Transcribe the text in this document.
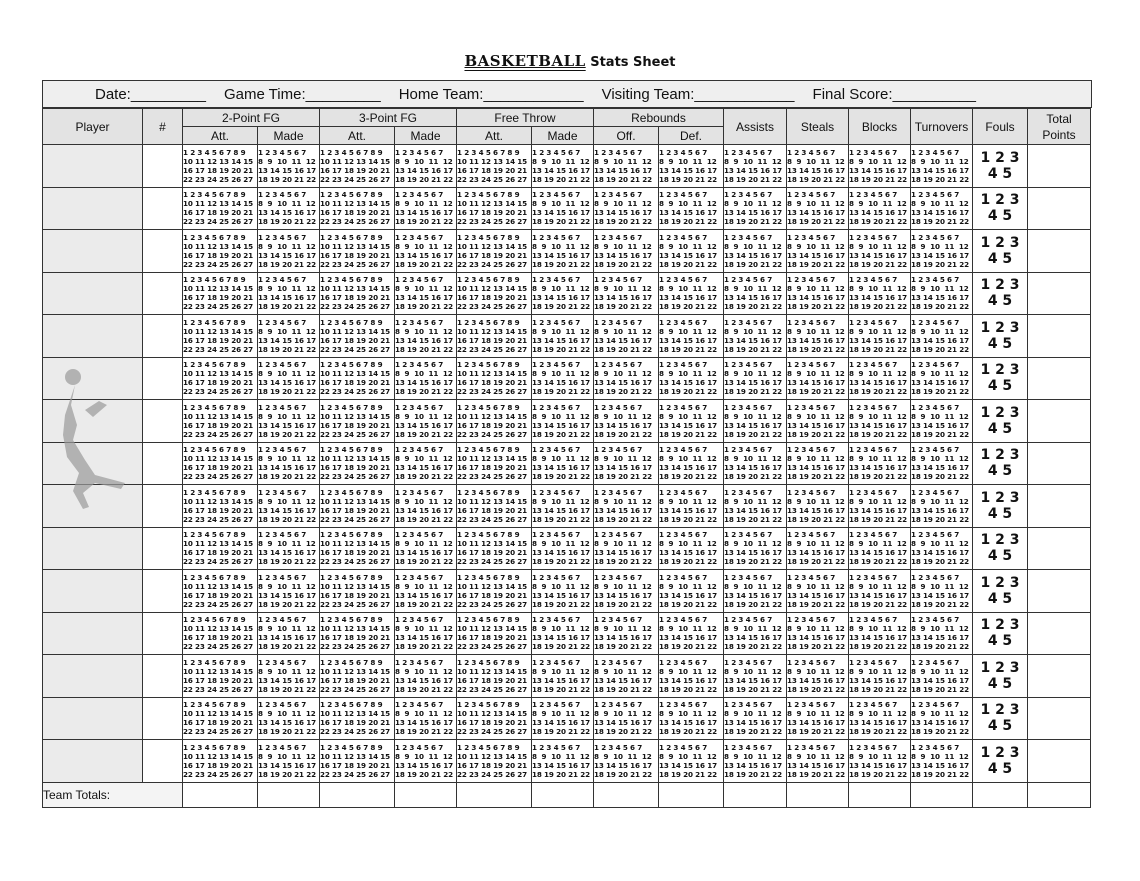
BASKETBALL Stats Sheet
Date:_________ Game Time:_________ Home Team:____________ Visiting Team:____________ Final Score:__________
Player	#	2-Point FG		3-Point FG		Free Throw		Rebounds		Assists	Steals	Blocks	Turnovers	Fouls	Total
Points
		Att.	Made	Att.	Made	Att.	Made	Off.	Def.						
		1 2 3 4 5 6 7 8 9
10 11 12 13 14 15
16 17 18 19 20 21
22 23 24 25 26 27	1 2 3 4 5 6 7
8  9  10  11  12
13 14 15 16 17
18 19 20 21 22	1 2 3 4 5 6 7 8 9
10 11 12 13 14 15
16 17 18 19 20 21
22 23 24 25 26 27	1 2 3 4 5 6 7
8  9  10  11  12
13 14 15 16 17
18 19 20 21 22	1 2 3 4 5 6 7 8 9
10 11 12 13 14 15
16 17 18 19 20 21
22 23 24 25 26 27	1 2 3 4 5 6 7
8  9  10  11  12
13 14 15 16 17
18 19 20 21 22	1 2 3 4 5 6 7
8  9  10  11  12
13 14 15 16 17
18 19 20 21 22	1 2 3 4 5 6 7
8  9  10  11  12
13 14 15 16 17
18 19 20 21 22	1 2 3 4 5 6 7
8  9  10  11  12
13 14 15 16 17
18 19 20 21 22	1 2 3 4 5 6 7
8  9  10  11  12
13 14 15 16 17
18 19 20 21 22	1 2 3 4 5 6 7
8  9  10  11  12
13 14 15 16 17
18 19 20 21 22	1 2 3 4 5 6 7
8  9  10  11  12
13 14 15 16 17
18 19 20 21 22	1 2 3
4 5	
		1 2 3 4 5 6 7 8 9
10 11 12 13 14 15
16 17 18 19 20 21
22 23 24 25 26 27	1 2 3 4 5 6 7
8  9  10  11  12
13 14 15 16 17
18 19 20 21 22	1 2 3 4 5 6 7 8 9
10 11 12 13 14 15
16 17 18 19 20 21
22 23 24 25 26 27	1 2 3 4 5 6 7
8  9  10  11  12
13 14 15 16 17
18 19 20 21 22	1 2 3 4 5 6 7 8 9
10 11 12 13 14 15
16 17 18 19 20 21
22 23 24 25 26 27	1 2 3 4 5 6 7
8  9  10  11  12
13 14 15 16 17
18 19 20 21 22	1 2 3 4 5 6 7
8  9  10  11  12
13 14 15 16 17
18 19 20 21 22	1 2 3 4 5 6 7
8  9  10  11  12
13 14 15 16 17
18 19 20 21 22	1 2 3 4 5 6 7
8  9  10  11  12
13 14 15 16 17
18 19 20 21 22	1 2 3 4 5 6 7
8  9  10  11  12
13 14 15 16 17
18 19 20 21 22	1 2 3 4 5 6 7
8  9  10  11  12
13 14 15 16 17
18 19 20 21 22	1 2 3 4 5 6 7
8  9  10  11  12
13 14 15 16 17
18 19 20 21 22	1 2 3
4 5	
		1 2 3 4 5 6 7 8 9
10 11 12 13 14 15
16 17 18 19 20 21
22 23 24 25 26 27	1 2 3 4 5 6 7
8  9  10  11  12
13 14 15 16 17
18 19 20 21 22	1 2 3 4 5 6 7 8 9
10 11 12 13 14 15
16 17 18 19 20 21
22 23 24 25 26 27	1 2 3 4 5 6 7
8  9  10  11  12
13 14 15 16 17
18 19 20 21 22	1 2 3 4 5 6 7 8 9
10 11 12 13 14 15
16 17 18 19 20 21
22 23 24 25 26 27	1 2 3 4 5 6 7
8  9  10  11  12
13 14 15 16 17
18 19 20 21 22	1 2 3 4 5 6 7
8  9  10  11  12
13 14 15 16 17
18 19 20 21 22	1 2 3 4 5 6 7
8  9  10  11  12
13 14 15 16 17
18 19 20 21 22	1 2 3 4 5 6 7
8  9  10  11  12
13 14 15 16 17
18 19 20 21 22	1 2 3 4 5 6 7
8  9  10  11  12
13 14 15 16 17
18 19 20 21 22	1 2 3 4 5 6 7
8  9  10  11  12
13 14 15 16 17
18 19 20 21 22	1 2 3 4 5 6 7
8  9  10  11  12
13 14 15 16 17
18 19 20 21 22	1 2 3
4 5	
		1 2 3 4 5 6 7 8 9
10 11 12 13 14 15
16 17 18 19 20 21
22 23 24 25 26 27	1 2 3 4 5 6 7
8  9  10  11  12
13 14 15 16 17
18 19 20 21 22	1 2 3 4 5 6 7 8 9
10 11 12 13 14 15
16 17 18 19 20 21
22 23 24 25 26 27	1 2 3 4 5 6 7
8  9  10  11  12
13 14 15 16 17
18 19 20 21 22	1 2 3 4 5 6 7 8 9
10 11 12 13 14 15
16 17 18 19 20 21
22 23 24 25 26 27	1 2 3 4 5 6 7
8  9  10  11  12
13 14 15 16 17
18 19 20 21 22	1 2 3 4 5 6 7
8  9  10  11  12
13 14 15 16 17
18 19 20 21 22	1 2 3 4 5 6 7
8  9  10  11  12
13 14 15 16 17
18 19 20 21 22	1 2 3 4 5 6 7
8  9  10  11  12
13 14 15 16 17
18 19 20 21 22	1 2 3 4 5 6 7
8  9  10  11  12
13 14 15 16 17
18 19 20 21 22	1 2 3 4 5 6 7
8  9  10  11  12
13 14 15 16 17
18 19 20 21 22	1 2 3 4 5 6 7
8  9  10  11  12
13 14 15 16 17
18 19 20 21 22	1 2 3
4 5	
		1 2 3 4 5 6 7 8 9
10 11 12 13 14 15
16 17 18 19 20 21
22 23 24 25 26 27	1 2 3 4 5 6 7
8  9  10  11  12
13 14 15 16 17
18 19 20 21 22	1 2 3 4 5 6 7 8 9
10 11 12 13 14 15
16 17 18 19 20 21
22 23 24 25 26 27	1 2 3 4 5 6 7
8  9  10  11  12
13 14 15 16 17
18 19 20 21 22	1 2 3 4 5 6 7 8 9
10 11 12 13 14 15
16 17 18 19 20 21
22 23 24 25 26 27	1 2 3 4 5 6 7
8  9  10  11  12
13 14 15 16 17
18 19 20 21 22	1 2 3 4 5 6 7
8  9  10  11  12
13 14 15 16 17
18 19 20 21 22	1 2 3 4 5 6 7
8  9  10  11  12
13 14 15 16 17
18 19 20 21 22	1 2 3 4 5 6 7
8  9  10  11  12
13 14 15 16 17
18 19 20 21 22	1 2 3 4 5 6 7
8  9  10  11  12
13 14 15 16 17
18 19 20 21 22	1 2 3 4 5 6 7
8  9  10  11  12
13 14 15 16 17
18 19 20 21 22	1 2 3 4 5 6 7
8  9  10  11  12
13 14 15 16 17
18 19 20 21 22	1 2 3
4 5	
		1 2 3 4 5 6 7 8 9
10 11 12 13 14 15
16 17 18 19 20 21
22 23 24 25 26 27	1 2 3 4 5 6 7
8  9  10  11  12
13 14 15 16 17
18 19 20 21 22	1 2 3 4 5 6 7 8 9
10 11 12 13 14 15
16 17 18 19 20 21
22 23 24 25 26 27	1 2 3 4 5 6 7
8  9  10  11  12
13 14 15 16 17
18 19 20 21 22	1 2 3 4 5 6 7 8 9
10 11 12 13 14 15
16 17 18 19 20 21
22 23 24 25 26 27	1 2 3 4 5 6 7
8  9  10  11  12
13 14 15 16 17
18 19 20 21 22	1 2 3 4 5 6 7
8  9  10  11  12
13 14 15 16 17
18 19 20 21 22	1 2 3 4 5 6 7
8  9  10  11  12
13 14 15 16 17
18 19 20 21 22	1 2 3 4 5 6 7
8  9  10  11  12
13 14 15 16 17
18 19 20 21 22	1 2 3 4 5 6 7
8  9  10  11  12
13 14 15 16 17
18 19 20 21 22	1 2 3 4 5 6 7
8  9  10  11  12
13 14 15 16 17
18 19 20 21 22	1 2 3 4 5 6 7
8  9  10  11  12
13 14 15 16 17
18 19 20 21 22	1 2 3
4 5	
		1 2 3 4 5 6 7 8 9
10 11 12 13 14 15
16 17 18 19 20 21
22 23 24 25 26 27	1 2 3 4 5 6 7
8  9  10  11  12
13 14 15 16 17
18 19 20 21 22	1 2 3 4 5 6 7 8 9
10 11 12 13 14 15
16 17 18 19 20 21
22 23 24 25 26 27	1 2 3 4 5 6 7
8  9  10  11  12
13 14 15 16 17
18 19 20 21 22	1 2 3 4 5 6 7 8 9
10 11 12 13 14 15
16 17 18 19 20 21
22 23 24 25 26 27	1 2 3 4 5 6 7
8  9  10  11  12
13 14 15 16 17
18 19 20 21 22	1 2 3 4 5 6 7
8  9  10  11  12
13 14 15 16 17
18 19 20 21 22	1 2 3 4 5 6 7
8  9  10  11  12
13 14 15 16 17
18 19 20 21 22	1 2 3 4 5 6 7
8  9  10  11  12
13 14 15 16 17
18 19 20 21 22	1 2 3 4 5 6 7
8  9  10  11  12
13 14 15 16 17
18 19 20 21 22	1 2 3 4 5 6 7
8  9  10  11  12
13 14 15 16 17
18 19 20 21 22	1 2 3 4 5 6 7
8  9  10  11  12
13 14 15 16 17
18 19 20 21 22	1 2 3
4 5	
		1 2 3 4 5 6 7 8 9
10 11 12 13 14 15
16 17 18 19 20 21
22 23 24 25 26 27	1 2 3 4 5 6 7
8  9  10  11  12
13 14 15 16 17
18 19 20 21 22	1 2 3 4 5 6 7 8 9
10 11 12 13 14 15
16 17 18 19 20 21
22 23 24 25 26 27	1 2 3 4 5 6 7
8  9  10  11  12
13 14 15 16 17
18 19 20 21 22	1 2 3 4 5 6 7 8 9
10 11 12 13 14 15
16 17 18 19 20 21
22 23 24 25 26 27	1 2 3 4 5 6 7
8  9  10  11  12
13 14 15 16 17
18 19 20 21 22	1 2 3 4 5 6 7
8  9  10  11  12
13 14 15 16 17
18 19 20 21 22	1 2 3 4 5 6 7
8  9  10  11  12
13 14 15 16 17
18 19 20 21 22	1 2 3 4 5 6 7
8  9  10  11  12
13 14 15 16 17
18 19 20 21 22	1 2 3 4 5 6 7
8  9  10  11  12
13 14 15 16 17
18 19 20 21 22	1 2 3 4 5 6 7
8  9  10  11  12
13 14 15 16 17
18 19 20 21 22	1 2 3 4 5 6 7
8  9  10  11  12
13 14 15 16 17
18 19 20 21 22	1 2 3
4 5	
		1 2 3 4 5 6 7 8 9
10 11 12 13 14 15
16 17 18 19 20 21
22 23 24 25 26 27	1 2 3 4 5 6 7
8  9  10  11  12
13 14 15 16 17
18 19 20 21 22	1 2 3 4 5 6 7 8 9
10 11 12 13 14 15
16 17 18 19 20 21
22 23 24 25 26 27	1 2 3 4 5 6 7
8  9  10  11  12
13 14 15 16 17
18 19 20 21 22	1 2 3 4 5 6 7 8 9
10 11 12 13 14 15
16 17 18 19 20 21
22 23 24 25 26 27	1 2 3 4 5 6 7
8  9  10  11  12
13 14 15 16 17
18 19 20 21 22	1 2 3 4 5 6 7
8  9  10  11  12
13 14 15 16 17
18 19 20 21 22	1 2 3 4 5 6 7
8  9  10  11  12
13 14 15 16 17
18 19 20 21 22	1 2 3 4 5 6 7
8  9  10  11  12
13 14 15 16 17
18 19 20 21 22	1 2 3 4 5 6 7
8  9  10  11  12
13 14 15 16 17
18 19 20 21 22	1 2 3 4 5 6 7
8  9  10  11  12
13 14 15 16 17
18 19 20 21 22	1 2 3 4 5 6 7
8  9  10  11  12
13 14 15 16 17
18 19 20 21 22	1 2 3
4 5	
		1 2 3 4 5 6 7 8 9
10 11 12 13 14 15
16 17 18 19 20 21
22 23 24 25 26 27	1 2 3 4 5 6 7
8  9  10  11  12
13 14 15 16 17
18 19 20 21 22	1 2 3 4 5 6 7 8 9
10 11 12 13 14 15
16 17 18 19 20 21
22 23 24 25 26 27	1 2 3 4 5 6 7
8  9  10  11  12
13 14 15 16 17
18 19 20 21 22	1 2 3 4 5 6 7 8 9
10 11 12 13 14 15
16 17 18 19 20 21
22 23 24 25 26 27	1 2 3 4 5 6 7
8  9  10  11  12
13 14 15 16 17
18 19 20 21 22	1 2 3 4 5 6 7
8  9  10  11  12
13 14 15 16 17
18 19 20 21 22	1 2 3 4 5 6 7
8  9  10  11  12
13 14 15 16 17
18 19 20 21 22	1 2 3 4 5 6 7
8  9  10  11  12
13 14 15 16 17
18 19 20 21 22	1 2 3 4 5 6 7
8  9  10  11  12
13 14 15 16 17
18 19 20 21 22	1 2 3 4 5 6 7
8  9  10  11  12
13 14 15 16 17
18 19 20 21 22	1 2 3 4 5 6 7
8  9  10  11  12
13 14 15 16 17
18 19 20 21 22	1 2 3
4 5	
		1 2 3 4 5 6 7 8 9
10 11 12 13 14 15
16 17 18 19 20 21
22 23 24 25 26 27	1 2 3 4 5 6 7
8  9  10  11  12
13 14 15 16 17
18 19 20 21 22	1 2 3 4 5 6 7 8 9
10 11 12 13 14 15
16 17 18 19 20 21
22 23 24 25 26 27	1 2 3 4 5 6 7
8  9  10  11  12
13 14 15 16 17
18 19 20 21 22	1 2 3 4 5 6 7 8 9
10 11 12 13 14 15
16 17 18 19 20 21
22 23 24 25 26 27	1 2 3 4 5 6 7
8  9  10  11  12
13 14 15 16 17
18 19 20 21 22	1 2 3 4 5 6 7
8  9  10  11  12
13 14 15 16 17
18 19 20 21 22	1 2 3 4 5 6 7
8  9  10  11  12
13 14 15 16 17
18 19 20 21 22	1 2 3 4 5 6 7
8  9  10  11  12
13 14 15 16 17
18 19 20 21 22	1 2 3 4 5 6 7
8  9  10  11  12
13 14 15 16 17
18 19 20 21 22	1 2 3 4 5 6 7
8  9  10  11  12
13 14 15 16 17
18 19 20 21 22	1 2 3 4 5 6 7
8  9  10  11  12
13 14 15 16 17
18 19 20 21 22	1 2 3
4 5	
		1 2 3 4 5 6 7 8 9
10 11 12 13 14 15
16 17 18 19 20 21
22 23 24 25 26 27	1 2 3 4 5 6 7
8  9  10  11  12
13 14 15 16 17
18 19 20 21 22	1 2 3 4 5 6 7 8 9
10 11 12 13 14 15
16 17 18 19 20 21
22 23 24 25 26 27	1 2 3 4 5 6 7
8  9  10  11  12
13 14 15 16 17
18 19 20 21 22	1 2 3 4 5 6 7 8 9
10 11 12 13 14 15
16 17 18 19 20 21
22 23 24 25 26 27	1 2 3 4 5 6 7
8  9  10  11  12
13 14 15 16 17
18 19 20 21 22	1 2 3 4 5 6 7
8  9  10  11  12
13 14 15 16 17
18 19 20 21 22	1 2 3 4 5 6 7
8  9  10  11  12
13 14 15 16 17
18 19 20 21 22	1 2 3 4 5 6 7
8  9  10  11  12
13 14 15 16 17
18 19 20 21 22	1 2 3 4 5 6 7
8  9  10  11  12
13 14 15 16 17
18 19 20 21 22	1 2 3 4 5 6 7
8  9  10  11  12
13 14 15 16 17
18 19 20 21 22	1 2 3 4 5 6 7
8  9  10  11  12
13 14 15 16 17
18 19 20 21 22	1 2 3
4 5	
		1 2 3 4 5 6 7 8 9
10 11 12 13 14 15
16 17 18 19 20 21
22 23 24 25 26 27	1 2 3 4 5 6 7
8  9  10  11  12
13 14 15 16 17
18 19 20 21 22	1 2 3 4 5 6 7 8 9
10 11 12 13 14 15
16 17 18 19 20 21
22 23 24 25 26 27	1 2 3 4 5 6 7
8  9  10  11  12
13 14 15 16 17
18 19 20 21 22	1 2 3 4 5 6 7 8 9
10 11 12 13 14 15
16 17 18 19 20 21
22 23 24 25 26 27	1 2 3 4 5 6 7
8  9  10  11  12
13 14 15 16 17
18 19 20 21 22	1 2 3 4 5 6 7
8  9  10  11  12
13 14 15 16 17
18 19 20 21 22	1 2 3 4 5 6 7
8  9  10  11  12
13 14 15 16 17
18 19 20 21 22	1 2 3 4 5 6 7
8  9  10  11  12
13 14 15 16 17
18 19 20 21 22	1 2 3 4 5 6 7
8  9  10  11  12
13 14 15 16 17
18 19 20 21 22	1 2 3 4 5 6 7
8  9  10  11  12
13 14 15 16 17
18 19 20 21 22	1 2 3 4 5 6 7
8  9  10  11  12
13 14 15 16 17
18 19 20 21 22	1 2 3
4 5	
		1 2 3 4 5 6 7 8 9
10 11 12 13 14 15
16 17 18 19 20 21
22 23 24 25 26 27	1 2 3 4 5 6 7
8  9  10  11  12
13 14 15 16 17
18 19 20 21 22	1 2 3 4 5 6 7 8 9
10 11 12 13 14 15
16 17 18 19 20 21
22 23 24 25 26 27	1 2 3 4 5 6 7
8  9  10  11  12
13 14 15 16 17
18 19 20 21 22	1 2 3 4 5 6 7 8 9
10 11 12 13 14 15
16 17 18 19 20 21
22 23 24 25 26 27	1 2 3 4 5 6 7
8  9  10  11  12
13 14 15 16 17
18 19 20 21 22	1 2 3 4 5 6 7
8  9  10  11  12
13 14 15 16 17
18 19 20 21 22	1 2 3 4 5 6 7
8  9  10  11  12
13 14 15 16 17
18 19 20 21 22	1 2 3 4 5 6 7
8  9  10  11  12
13 14 15 16 17
18 19 20 21 22	1 2 3 4 5 6 7
8  9  10  11  12
13 14 15 16 17
18 19 20 21 22	1 2 3 4 5 6 7
8  9  10  11  12
13 14 15 16 17
18 19 20 21 22	1 2 3 4 5 6 7
8  9  10  11  12
13 14 15 16 17
18 19 20 21 22	1 2 3
4 5	
		1 2 3 4 5 6 7 8 9
10 11 12 13 14 15
16 17 18 19 20 21
22 23 24 25 26 27	1 2 3 4 5 6 7
8  9  10  11  12
13 14 15 16 17
18 19 20 21 22	1 2 3 4 5 6 7 8 9
10 11 12 13 14 15
16 17 18 19 20 21
22 23 24 25 26 27	1 2 3 4 5 6 7
8  9  10  11  12
13 14 15 16 17
18 19 20 21 22	1 2 3 4 5 6 7 8 9
10 11 12 13 14 15
16 17 18 19 20 21
22 23 24 25 26 27	1 2 3 4 5 6 7
8  9  10  11  12
13 14 15 16 17
18 19 20 21 22	1 2 3 4 5 6 7
8  9  10  11  12
13 14 15 16 17
18 19 20 21 22	1 2 3 4 5 6 7
8  9  10  11  12
13 14 15 16 17
18 19 20 21 22	1 2 3 4 5 6 7
8  9  10  11  12
13 14 15 16 17
18 19 20 21 22	1 2 3 4 5 6 7
8  9  10  11  12
13 14 15 16 17
18 19 20 21 22	1 2 3 4 5 6 7
8  9  10  11  12
13 14 15 16 17
18 19 20 21 22	1 2 3 4 5 6 7
8  9  10  11  12
13 14 15 16 17
18 19 20 21 22	1 2 3
4 5	
Team Totals:															
